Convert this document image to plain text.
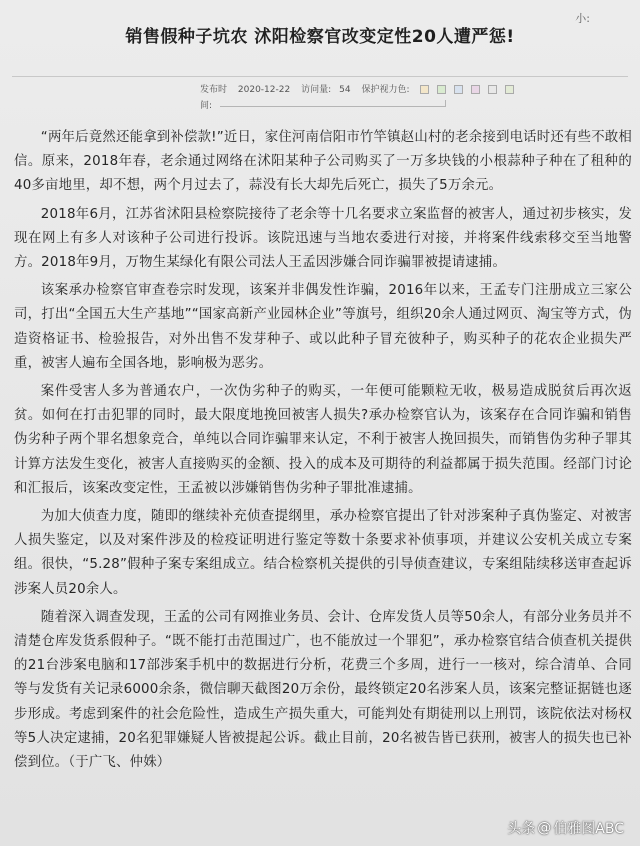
小:
销售假种子坑农 沭阳检察官改变定性20人遭严惩!
发布时 2020-12-22 访问量: 54 保护视力色:
间:

“两年后竟然还能拿到补偿款!”近日，家住河南信阳市竹竿镇赵山村的老余接到电话时还有些不敢相信。原来，2018年春，老余通过网络在沭阳某种子公司购买了一万多块钱的小根蒜种子种在了租种的40多亩地里，却不想，两个月过去了，蒜没有长大却先后死亡，损失了5万余元。

2018年6月，江苏省沭阳县检察院接待了老余等十几名要求立案监督的被害人，通过初步核实，发现在网上有多人对该种子公司进行投诉。该院迅速与当地农委进行对接，并将案件线索移交至当地警方。2018年9月，万物生某绿化有限公司法人王孟因涉嫌合同诈骗罪被提请逮捕。

该案承办检察官审查卷宗时发现，该案并非偶发性诈骗，2016年以来，王孟专门注册成立三家公司，打出“全国五大生产基地”“国家高新产业园林企业”等旗号，组织20余人通过网页、淘宝等方式，伪造资格证书、检验报告，对外出售不发芽种子、或以此种子冒充彼种子，购买种子的花农企业损失严重，被害人遍布全国各地，影响极为恶劣。

案件受害人多为普通农户，一次伪劣种子的购买，一年便可能颗粒无收，极易造成脱贫后再次返贫。如何在打击犯罪的同时，最大限度地挽回被害人损失?承办检察官认为，该案存在合同诈骗和销售伪劣种子两个罪名想象竞合，单纯以合同诈骗罪来认定，不利于被害人挽回损失，而销售伪劣种子罪其计算方法发生变化，被害人直接购买的金额、投入的成本及可期待的利益都属于损失范围。经部门讨论和汇报后，该案改变定性，王孟被以涉嫌销售伪劣种子罪批准逮捕。

为加大侦查力度，随即的继续补充侦查提纲里，承办检察官提出了针对涉案种子真伪鉴定、对被害人损失鉴定，以及对案件涉及的检疫证明进行鉴定等数十条要求补侦事项，并建议公安机关成立专案组。很快，“5.28”假种子案专案组成立。结合检察机关提供的引导侦查建议，专案组陆续移送审查起诉涉案人员20余人。

随着深入调查发现，王孟的公司有网推业务员、会计、仓库发货人员等50余人，有部分业务员并不清楚仓库发货系假种子。“既不能打击范围过广，也不能放过一个罪犯”，承办检察官结合侦查机关提供的21台涉案电脑和17部涉案手机中的数据进行分析，花费三个多周，进行一一核对，综合清单、合同等与发货有关记录6000余条，微信聊天截图20万余份，最终锁定20名涉案人员，该案完整证据链也逐步形成。考虑到案件的社会危险性，造成生产损失重大，可能判处有期徒刑以上刑罚，该院依法对杨权等5人决定逮捕，20名犯罪嫌疑人皆被提起公诉。截止目前，20名被告皆已获刑，被害人的损失也已补偿到位。（于广飞、仲姝）

头条 @ 伯雅图ABC
